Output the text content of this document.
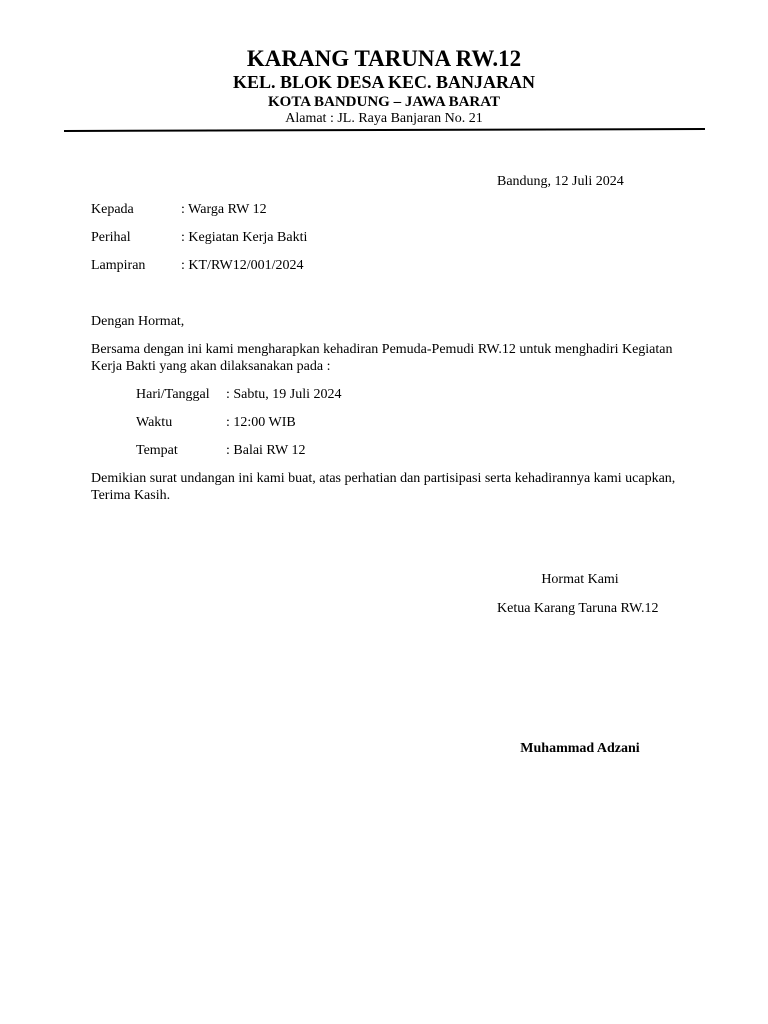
KARANG TARUNA RW.12
KEL. BLOK DESA KEC. BANJARAN
KOTA BANDUNG – JAWA BARAT
Alamat : JL. Raya Banjaran No. 21
Bandung, 12 Juli 2024
Kepada	: Warga RW 12
Perihal	: Kegiatan Kerja Bakti
Lampiran	: KT/RW12/001/2024
Dengan Hormat,
Bersama dengan ini kami mengharapkan kehadiran Pemuda-Pemudi RW.12 untuk menghadiri Kegiatan
Kerja Bakti yang akan dilaksanakan pada :
Hari/Tanggal : Sabtu, 19 Juli 2024
Waktu	: 12:00 WIB
Tempat	: Balai RW 12
Demikian surat undangan ini kami buat, atas perhatian dan partisipasi serta kehadirannya kami ucapkan,
Terima Kasih.
Hormat Kami
Ketua Karang Taruna RW.12
Muhammad Adzani
